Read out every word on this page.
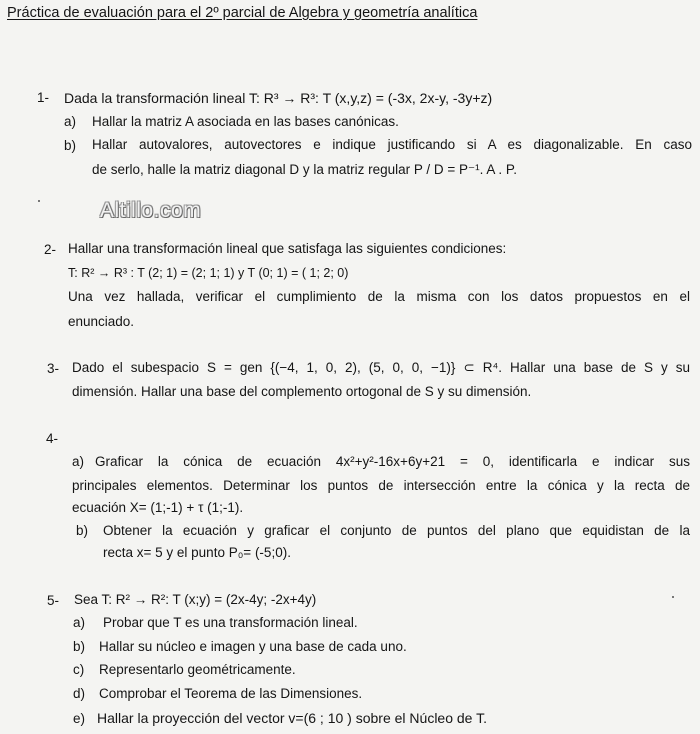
Práctica de evaluación para el 2º parcial de Algebra y geometría analítica
1- Dada la transformación lineal T: R³ → R³: T (x,y,z) = (-3x, 2x-y, -3y+z)
a) Hallar la matriz A asociada en las bases canónicas.
b) Hallar autovalores, autovectores e indique justificando si A es diagonalizable. En caso
de serlo, halle la matriz diagonal D y la matriz regular P / D = P⁻¹. A . P.
Altillo.com
2- Hallar una transformación lineal que satisfaga las siguientes condiciones:
T: R² → R³ : T (2; 1) = (2; 1; 1) y T (0; 1) = ( 1; 2; 0)
Una vez hallada, verificar el cumplimiento de la misma con los datos propuestos en el
enunciado.
3- Dado el subespacio S = gen {(−4, 1, 0, 2), (5, 0, 0, −1)} ⊂ R⁴. Hallar una base de S y su
dimensión. Hallar una base del complemento ortogonal de S y su dimensión.
4-
a) Graficar la cónica de ecuación 4x²+y²-16x+6y+21 = 0, identificarla e indicar sus
principales elementos. Determinar los puntos de intersección entre la cónica y la recta de
ecuación X= (1;-1) + τ (1;-1).
b) Obtener la ecuación y graficar el conjunto de puntos del plano que equidistan de la
recta x= 5 y el punto P₀= (-5;0).
5- Sea T: R² → R²: T (x;y) = (2x-4y; -2x+4y)
a) Probar que T es una transformación lineal.
b) Hallar su núcleo e imagen y una base de cada uno.
c) Representarlo geométricamente.
d) Comprobar el Teorema de las Dimensiones.
e) Hallar la proyección del vector v=(6 ; 10 ) sobre el Núcleo de T.
